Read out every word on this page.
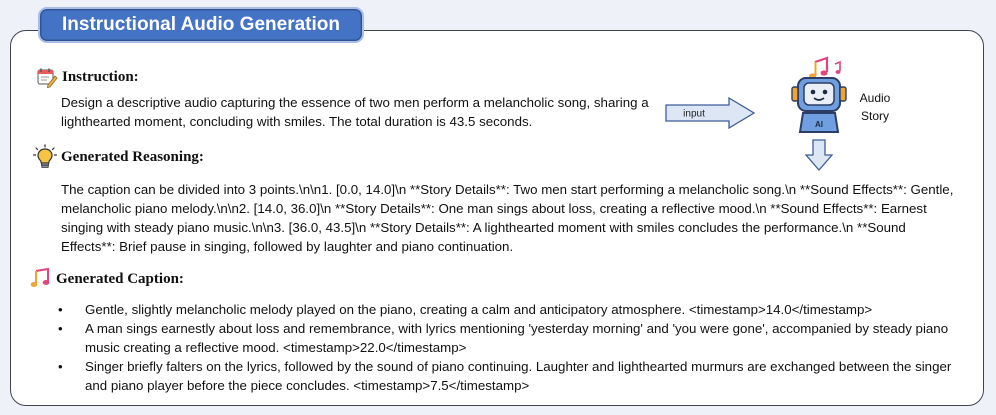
Instructional Audio Generation
Instruction:
Design a descriptive audio capturing the essence of two men perform a melancholic song, sharing a lighthearted moment, concluding with smiles. The total duration is 43.5 seconds.	input
AI
Audio
Story
Generated Reasoning:
The caption can be divided into 3 points.\n\n1. [0.0, 14.0]\n **Story Details**: Two men start performing a melancholic song.\n **Sound Effects**: Gentle, melancholic piano melody.\n\n2. [14.0, 36.0]\n **Story Details**: One man sings about loss, creating a reflective mood.\n **Sound Effects**: Earnest singing with steady piano music.\n\n3. [36.0, 43.5]\n **Story Details**: A lighthearted moment with smiles concludes the performance.\n **Sound Effects**: Brief pause in singing, followed by laughter and piano continuation.
Generated Caption:
• Gentle, slightly melancholic melody played on the piano, creating a calm and anticipatory atmosphere. <timestamp>14.0</timestamp>
• A man sings earnestly about loss and remembrance, with lyrics mentioning 'yesterday morning' and 'you were gone', accompanied by steady piano music creating a reflective mood. <timestamp>22.0</timestamp>
• Singer briefly falters on the lyrics, followed by the sound of piano continuing. Laughter and lighthearted murmurs are exchanged between the singer and piano player before the piece concludes. <timestamp>7.5</timestamp>
